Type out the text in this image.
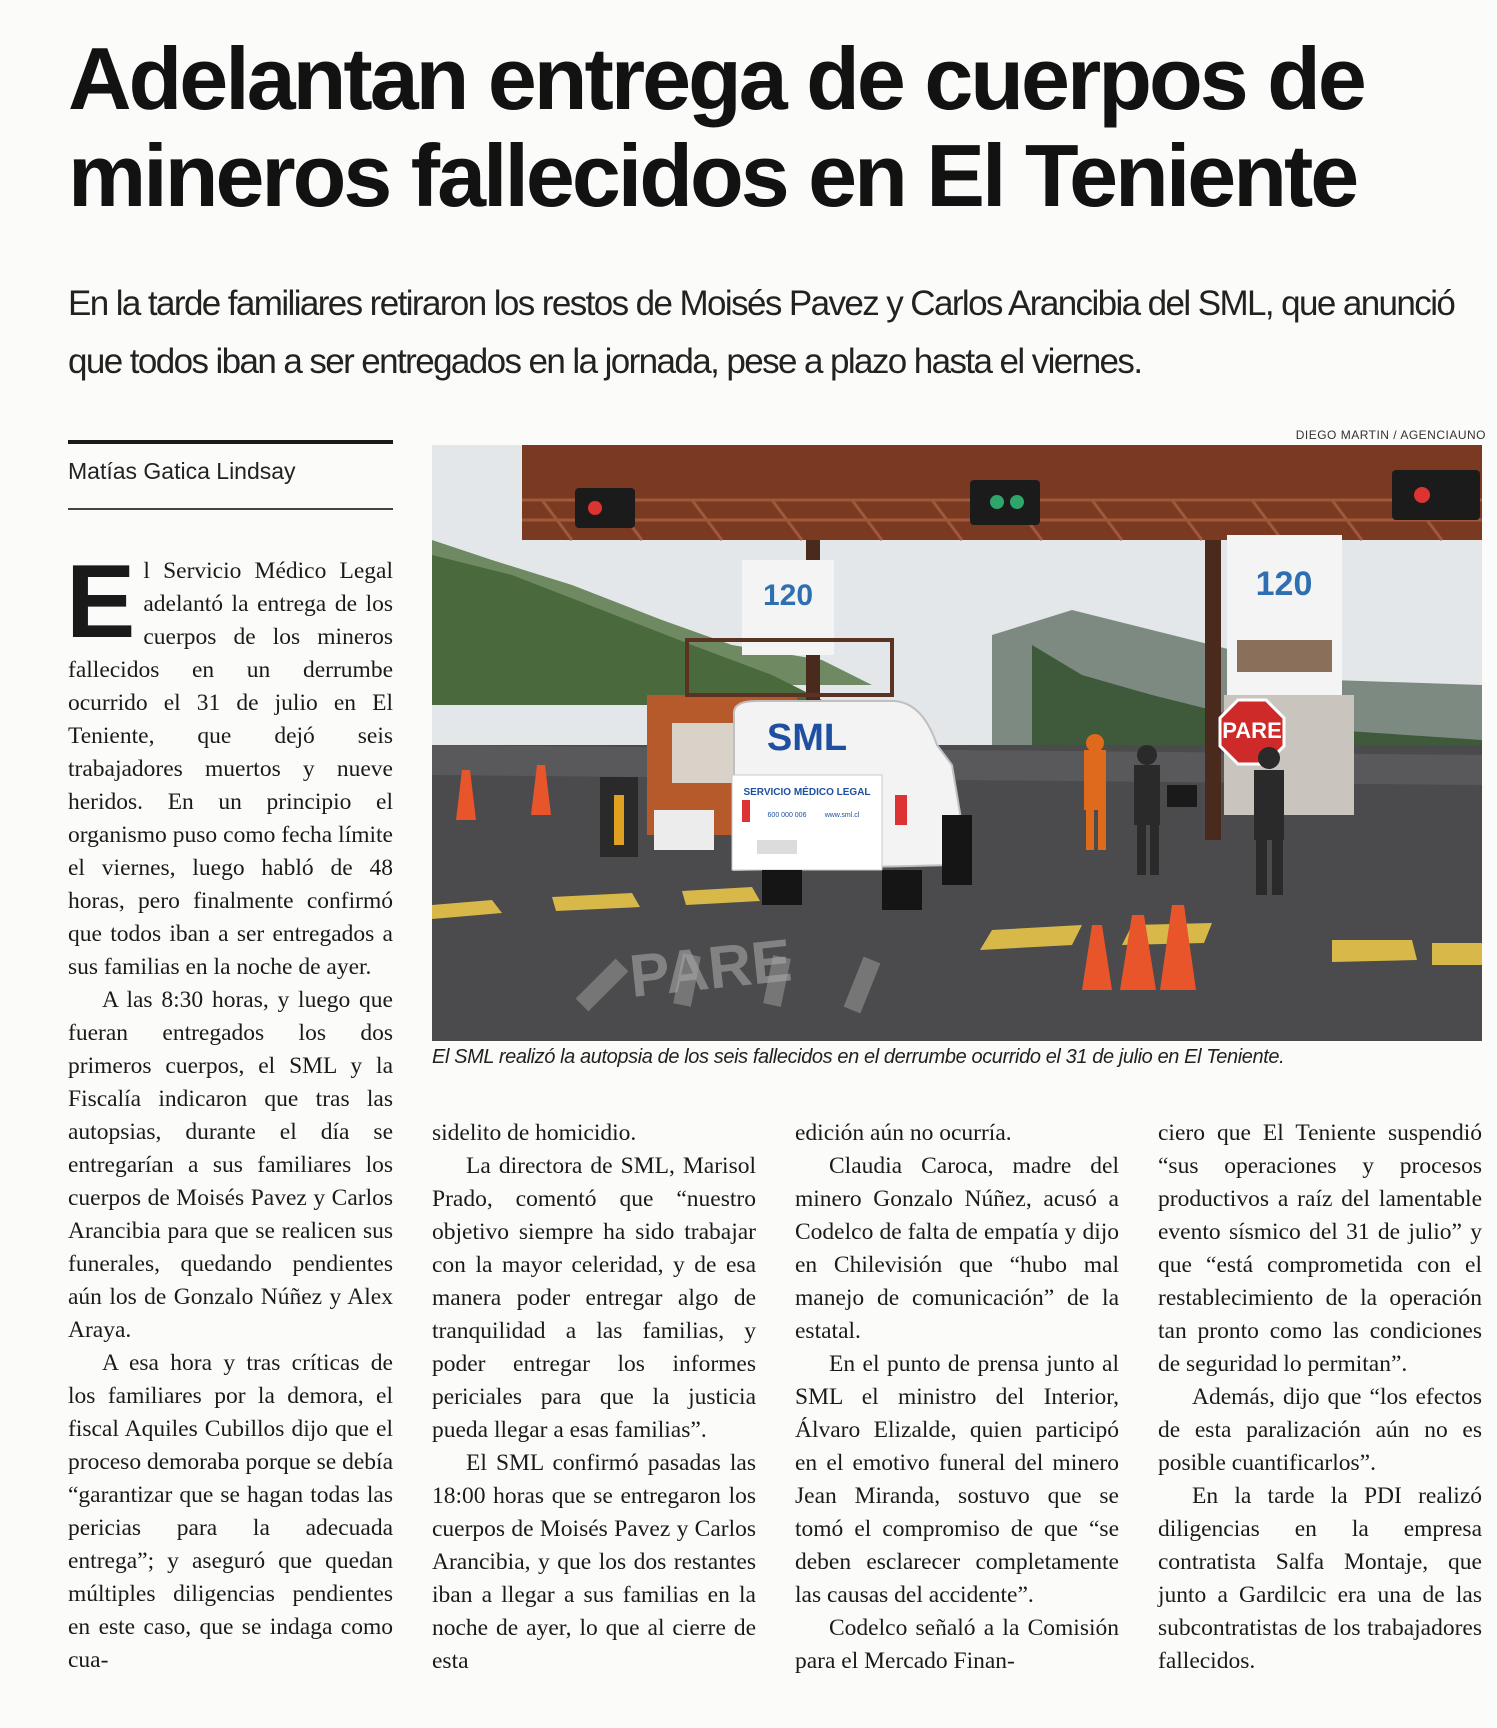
Adelantan entrega de cuerpos de mineros fallecidos en El Teniente

En la tarde familiares retiraron los restos de Moisés Pavez y Carlos Arancibia del SML, que anunció que todos iban a ser entregados en la jornada, pese a plazo hasta el viernes.

Matías Gatica Lindsay

El Servicio Médico Legal adelantó la entrega de los cuerpos de los mineros fallecidos en un derrumbe ocurrido el 31 de julio en El Teniente, que dejó seis trabajadores muertos y nueve heridos. En un principio el organismo puso como fecha límite el viernes, luego habló de 48 horas, pero finalmente confirmó que todos iban a ser entregados a sus familias en la noche de ayer.

A las 8:30 horas, y luego que fueran entregados los dos primeros cuerpos, el SML y la Fiscalía indicaron que tras las autopsias, durante el día se entregarían a sus familiares los cuerpos de Moisés Pavez y Carlos Arancibia para que se realicen sus funerales, quedando pendientes aún los de Gonzalo Núñez y Alex Araya.

A esa hora y tras críticas de los familiares por la demora, el fiscal Aquiles Cubillos dijo que el proceso demoraba porque se debía “garantizar que se hagan todas las pericias para la adecuada entrega”; y aseguró que quedan múltiples diligencias pendientes en este caso, que se indaga como cua-

DIEGO MARTIN / AGENCIAUNO
120	120
SML
SERVICIO MÉDICO LEGAL
600 000 006	www.sml.cl
PARE
PARE
El SML realizó la autopsia de los seis fallecidos en el derrumbe ocurrido el 31 de julio en El Teniente.

sidelito de homicidio.

La directora de SML, Marisol Prado, comentó que “nuestro objetivo siempre ha sido trabajar con la mayor celeridad, y de esa manera poder entregar algo de tranquilidad a las familias, y poder entregar los informes periciales para que la justicia pueda llegar a esas familias”.

El SML confirmó pasadas las 18:00 horas que se entregaron los cuerpos de Moisés Pavez y Carlos Arancibia, y que los dos restantes iban a llegar a sus familias en la noche de ayer, lo que al cierre de esta

edición aún no ocurría.

Claudia Caroca, madre del minero Gonzalo Núñez, acusó a Codelco de falta de empatía y dijo en Chilevisión que “hubo mal manejo de comunicación” de la estatal.

En el punto de prensa junto al SML el ministro del Interior, Álvaro Elizalde, quien participó en el emotivo funeral del minero Jean Miranda, sostuvo que se tomó el compromiso de que “se deben esclarecer completamente las causas del accidente”.

Codelco señaló a la Comisión para el Mercado Finan-

ciero que El Teniente suspendió “sus operaciones y procesos productivos a raíz del lamentable evento sísmico del 31 de julio” y que “está comprometida con el restablecimiento de la operación tan pronto como las condiciones de seguridad lo permitan”.

Además, dijo que “los efectos de esta paralización aún no es posible cuantificarlos”.

En la tarde la PDI realizó diligencias en la empresa contratista Salfa Montaje, que junto a Gardilcic era una de las subcontratistas de los trabajadores fallecidos.
